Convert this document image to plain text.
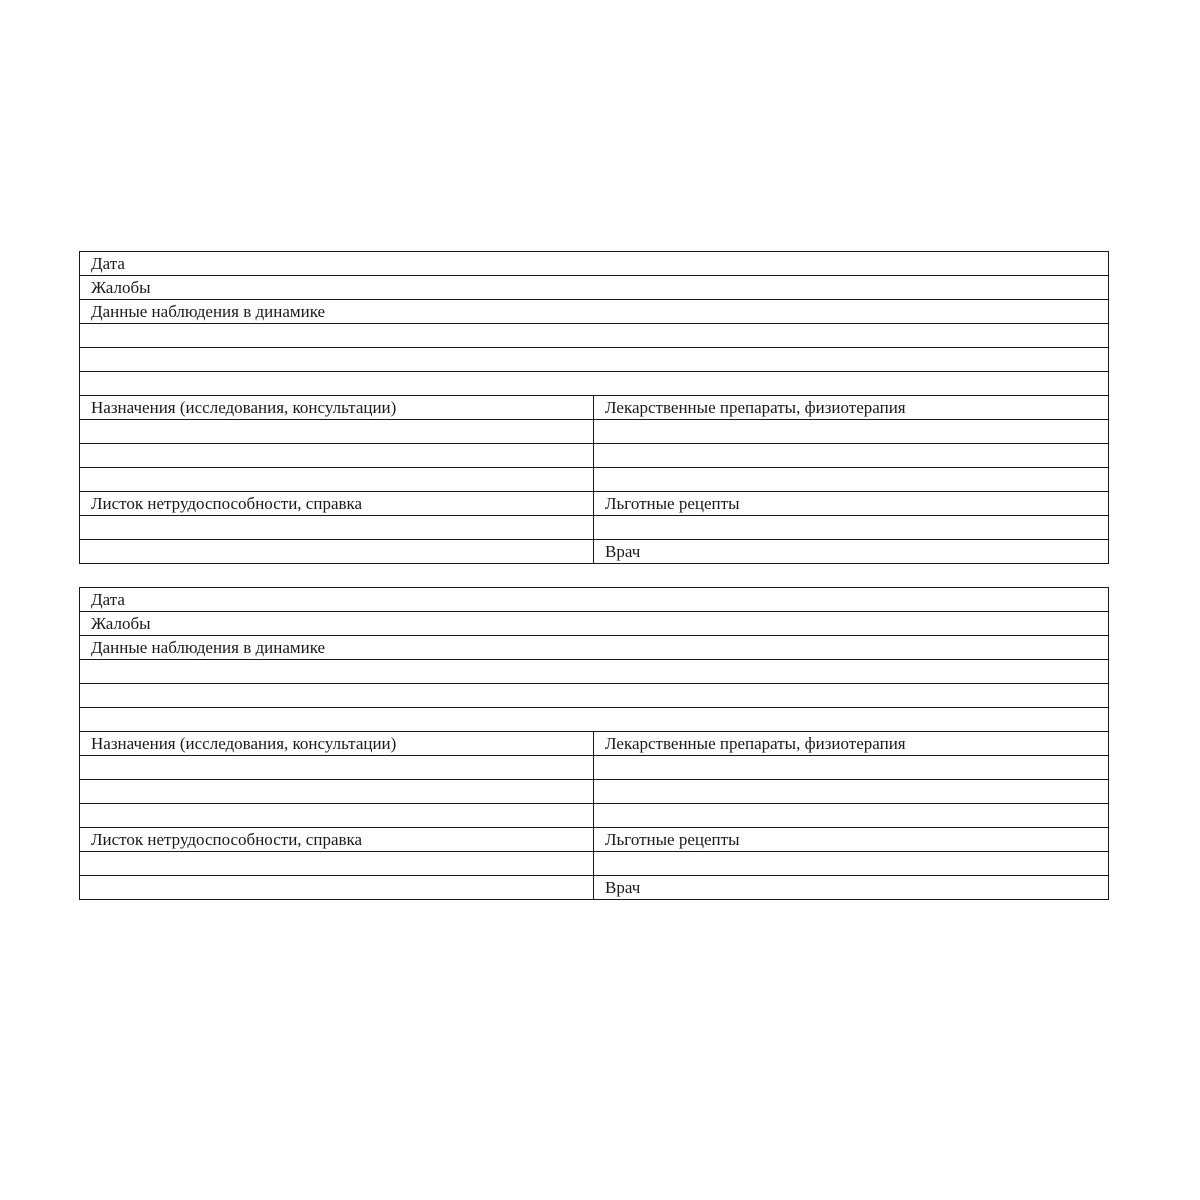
Дата	
Жалобы	
Данные наблюдения в динамике	

Назначения (исследования, консультации)	Лекарственные препараты, физиотерапия

Листок нетрудоспособности, справка	Льготные рецепты

	Врач
Дата	
Жалобы	
Данные наблюдения в динамике	

Назначения (исследования, консультации)	Лекарственные препараты, физиотерапия

Листок нетрудоспособности, справка	Льготные рецепты

	Врач
